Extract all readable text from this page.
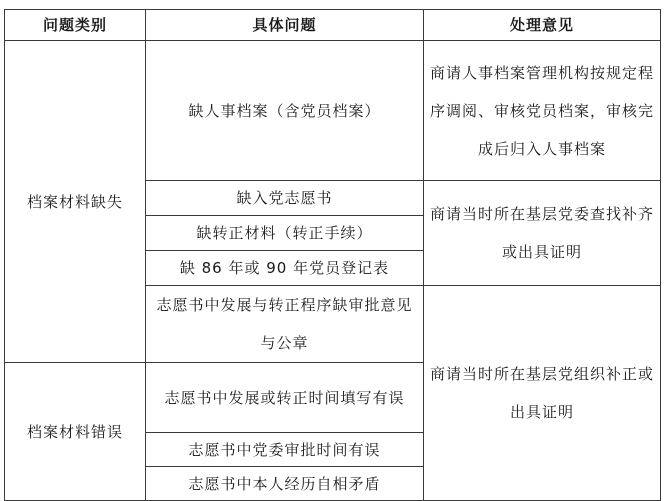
问题类别	具体问题	处理意见
档案材料缺失	缺人事档案（含党员档案）	商请人事档案管理机构按规定程序调阅、审核党员档案，审核完成后归入人事档案
	缺入党志愿书	商请当时所在基层党委查找补齐或出具证明
	缺转正材料（转正手续）	
	缺 86 年或 90 年党员登记表	
	志愿书中发展与转正程序缺审批意见与公章	商请当时所在基层党组织补正或出具证明
档案材料错误	志愿书中发展或转正时间填写有误	
	志愿书中党委审批时间有误	
	志愿书中本人经历自相矛盾	
